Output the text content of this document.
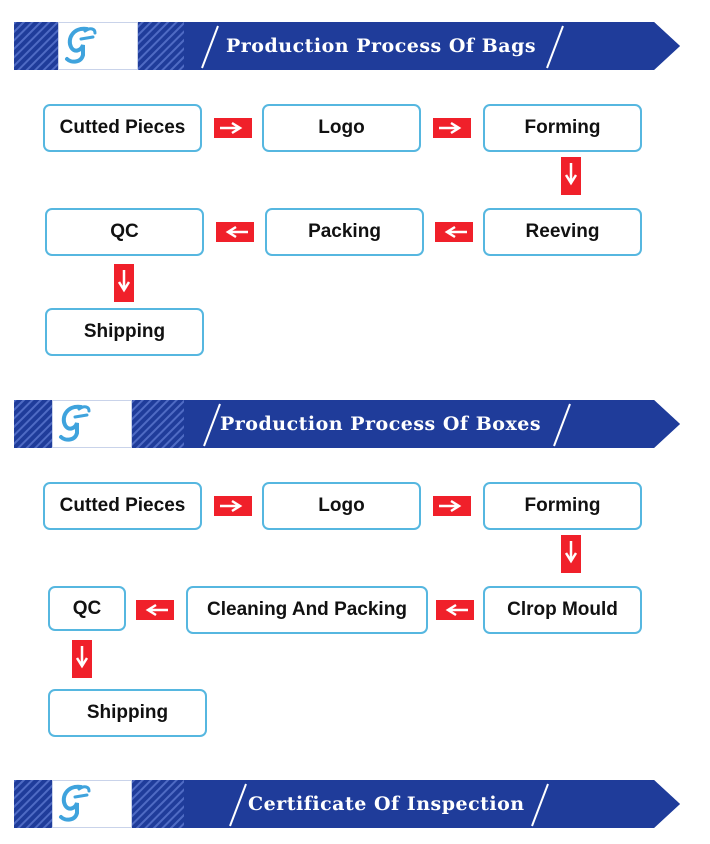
Production Process Of Bags
Cutted Pieces	Logo	Forming
Reeving
Packing
QC
Shipping
Production Process Of Boxes
Cutted Pieces	Logo	Forming
Clrop Mould
Cleaning And Packing
QC
Shipping
Certificate Of Inspection
